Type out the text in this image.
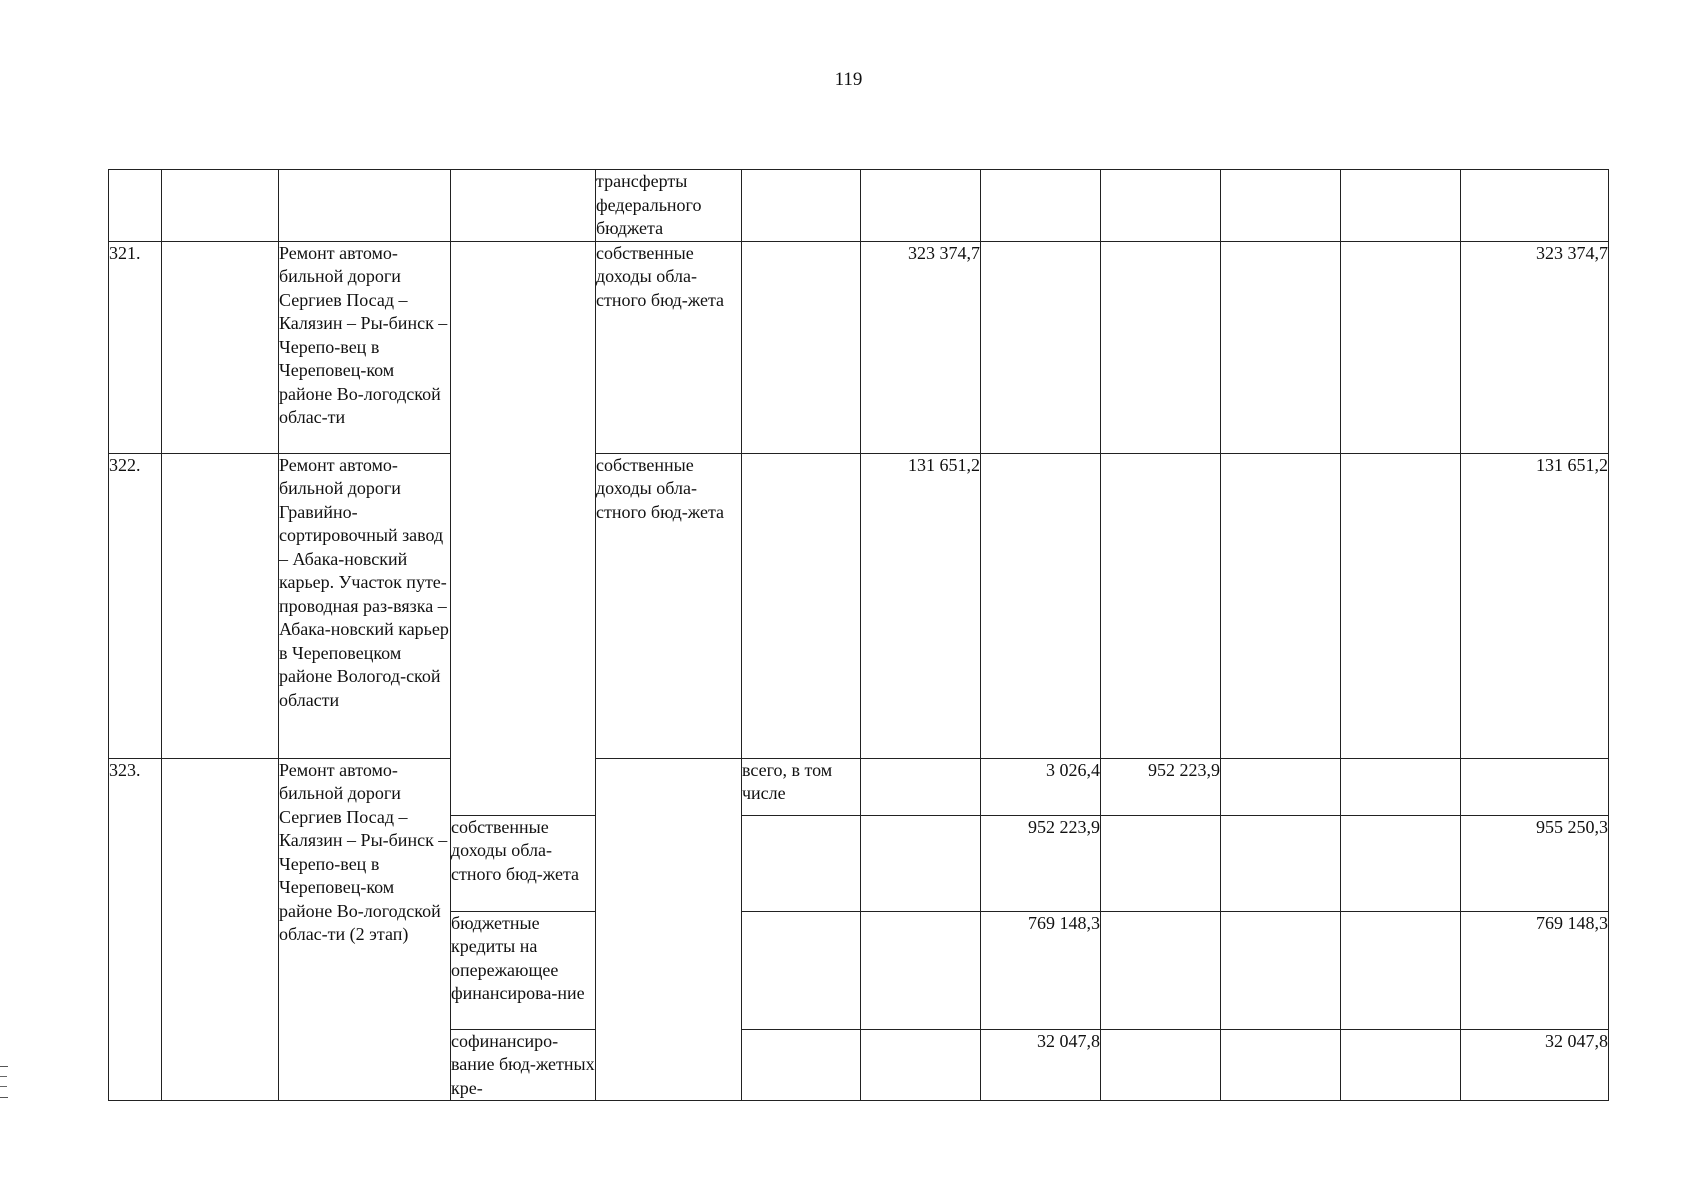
119
				трансферты федерального бюджета								
321.		Ремонт автомо-бильной дороги Сергиев Посад – Калязин – Ры-бинск – Черепо-вец в Череповец-ком районе Во-логодской облас-ти		собственные доходы обла-стного бюд-жета		323 374,7					323 374,7	
322.		Ремонт автомо-бильной дороги Гравийно-сортировочный завод – Абака-новский карьер. Участок путе-проводная раз-вязка – Абака-новский карьер в Череповецком районе Вологод-ской области		собственные доходы обла-стного бюд-жета		131 651,2					131 651,2	
323.		Ремонт автомо-бильной дороги Сергиев Посад – Калязин – Ры-бинск – Черепо-вец в Череповец-ком районе Во-логодской облас-ти (2 этап)			всего, в том числе		3 026,4	952 223,9				
			собственные доходы обла-стного бюд-жета				952 223,9				955 250,3	
			бюджетные кредиты на опережающее финансирова-ние				769 148,3				769 148,3	
			софинансиро-вание бюд-жетных кре-				32 047,8				32 047,8	
